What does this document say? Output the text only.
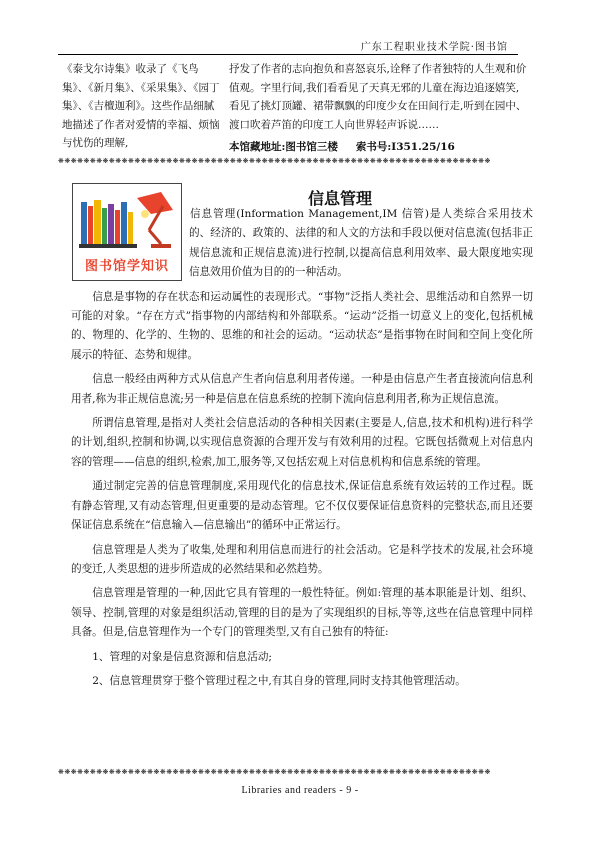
广东工程职业技术学院·图书馆
《泰戈尔诗集》收录了《飞鸟集》、《新月集》、《采果集》、《园丁集》、《吉檀迦利》。这些作品细腻地描述了作者对爱情的幸福、烦恼与忧伤的理解,

抒发了作者的志向抱负和喜怒哀乐,诠释了作者独特的人生观和价值观。字里行间,我们看看见了天真无邪的儿童在海边追逐嬉笑,看见了挑灯顶罐、裙带飘飘的印度少女在田间行走,听到在园中、渡口吹着芦笛的印度工人向世界轻声诉说……

本馆藏地址:图书馆三楼 索书号:I351.25/16
❋❋❋❋❋❋❋❋❋❋❋❋❋❋❋❋❋❋❋❋❋❋❋❋❋❋❋❋❋❋❋❋❋❋❋❋❋❋❋❋❋❋❋❋❋❋❋❋❋❋❋❋❋❋❋❋❋❋❋❋❋❋❋❋❋❋❋❋
图书馆学知识
信息管理

信息管理(Information Management,IM 信管)是人类综合采用技术的、经济的、政策的、法律的和人文的方法和手段以便对信息流(包括非正规信息流和正规信息流)进行控制,以提高信息利用效率、最大限度地实现信息效用价值为目的的一种活动。

信息是事物的存在状态和运动属性的表现形式。“事物”泛指人类社会、思维活动和自然界一切可能的对象。“存在方式”指事物的内部结构和外部联系。“运动”泛指一切意义上的变化,包括机械的、物理的、化学的、生物的、思维的和社会的运动。“运动状态”是指事物在时间和空间上变化所展示的特征、态势和规律。

信息一般经由两种方式从信息产生者向信息利用者传递。一种是由信息产生者直接流向信息利用者,称为非正规信息流;另一种是信息在信息系统的控制下流向信息利用者,称为正规信息流。

所谓信息管理,是指对人类社会信息活动的各种相关因素(主要是人,信息,技术和机构)进行科学的计划,组织,控制和协调,以实现信息资源的合理开发与有效利用的过程。它既包括微观上对信息内容的管理——信息的组织,检索,加工,服务等,又包括宏观上对信息机构和信息系统的管理。

通过制定完善的信息管理制度,采用现代化的信息技术,保证信息系统有效运转的工作过程。既有静态管理,又有动态管理,但更重要的是动态管理。它不仅仅要保证信息资料的完整状态,而且还要保证信息系统在“信息输入—信息输出”的循环中正常运行。

信息管理是人类为了收集,处理和利用信息而进行的社会活动。它是科学技术的发展,社会环境的变迁,人类思想的进步所造成的必然结果和必然趋势。

信息管理是管理的一种,因此它具有管理的一般性特征。例如:管理的基本职能是计划、组织、领导、控制,管理的对象是组织活动,管理的目的是为了实现组织的目标,等等,这些在信息管理中同样具备。但是,信息管理作为一个专门的管理类型,又有自己独有的特征:

1、管理的对象是信息资源和信息活动;

2、信息管理贯穿于整个管理过程之中,有其自身的管理,同时支持其他管理活动。

❋❋❋❋❋❋❋❋❋❋❋❋❋❋❋❋❋❋❋❋❋❋❋❋❋❋❋❋❋❋❋❋❋❋❋❋❋❋❋❋❋❋❋❋❋❋❋❋❋❋❋❋❋❋❋❋❋❋❋❋❋❋❋❋❋❋❋❋
Libraries and readers - 9 -
